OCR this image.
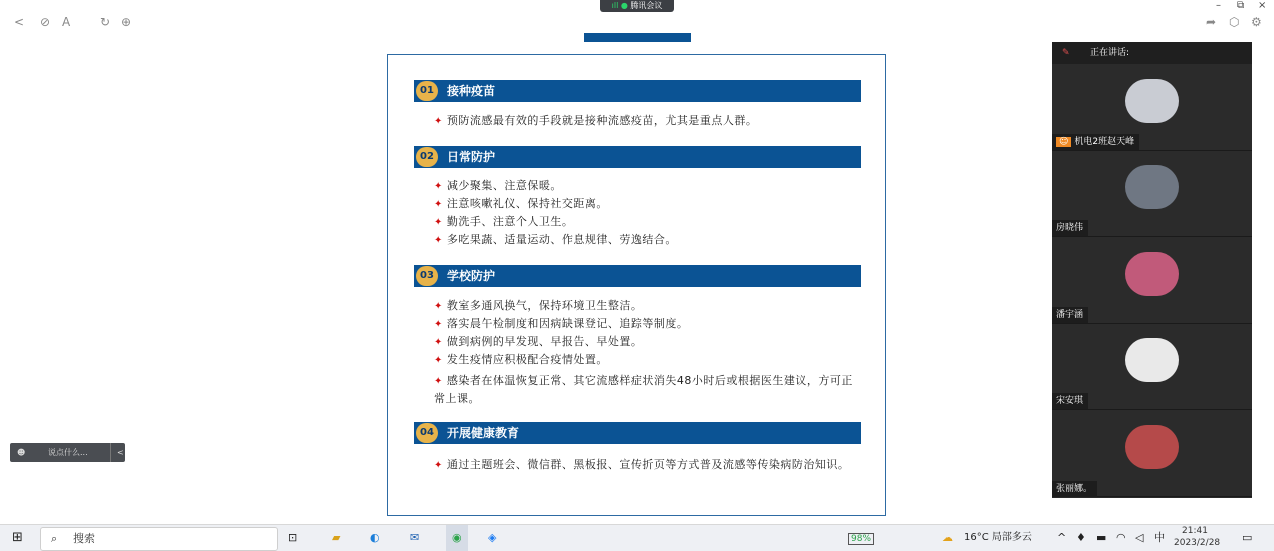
ıll ● 腾讯会议
< ⊘ A ↻ ⊕
– ⧉ ×
➦ ⬡ ⚙
01	接种疫苗
✦ 预防流感最有效的手段就是接种流感疫苗，尤其是重点人群。
02	日常防护
✦ 减少聚集、注意保暖。
✦ 注意咳嗽礼仪、保持社交距离。
✦ 勤洗手、注意个人卫生。
✦ 多吃果蔬、适量运动、作息规律、劳逸结合。
03	学校防护
✦ 教室多通风换气，保持环境卫生整洁。
✦ 落实晨午检制度和因病缺课登记、追踪等制度。
✦ 做到病例的早发现、早报告、早处置。
✦ 发生疫情应积极配合疫情处置。
✦ 感染者在体温恢复正常、其它流感样症状消失48小时后或根据医生建议，方可正常上课。
04	开展健康教育
✦ 通过主题班会、微信群、黑板报、宣传折页等方式普及流感等传染病防治知识。
✎ 正在讲话:
☺ 机电2班赵天峰
房晓伟
潘宇涵
宋安琪
张丽娜。
☻	说点什么...	<
⊞	⌕ 搜索	⊡	▰	◐	✉	◉	◈	98%	☁ 16°C 局部多云 ^ ♦ ▬ ◠ ◁ 中 21:41
2023/2/28 ▭
